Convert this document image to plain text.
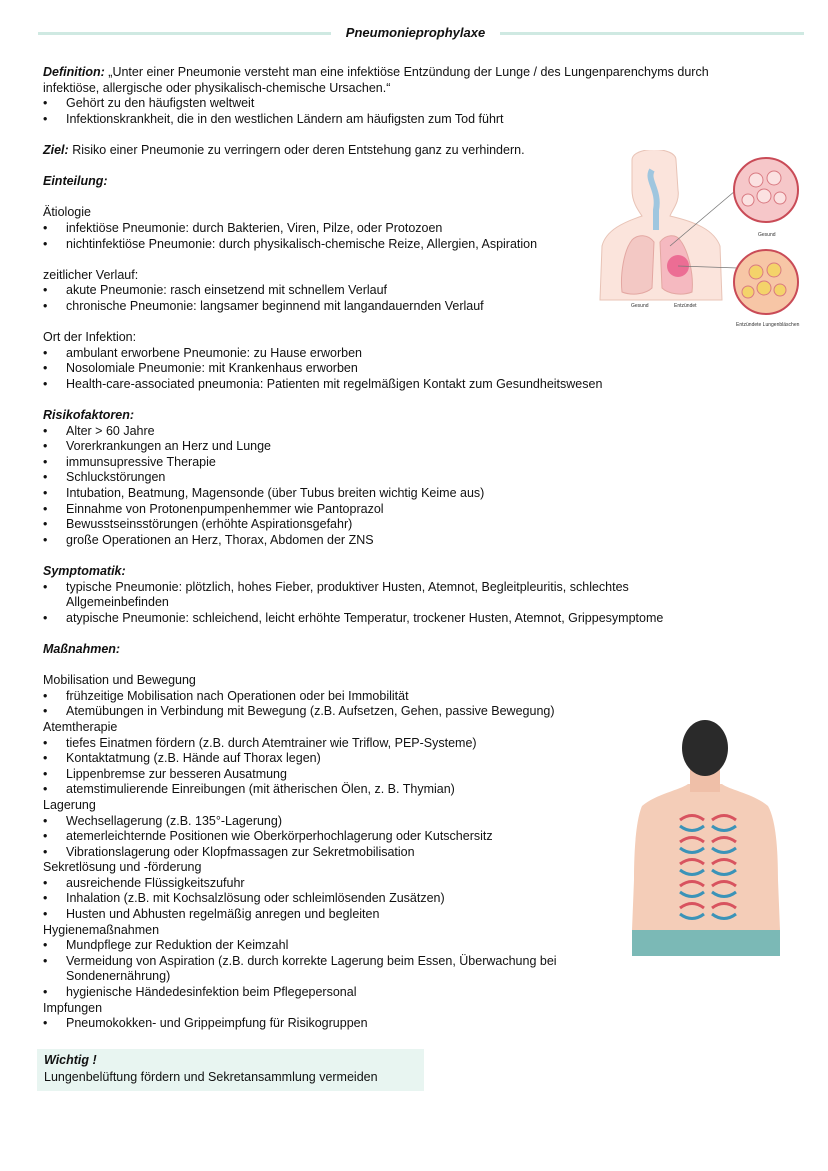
Pneumonieprophylaxe
Definition: „Unter einer Pneumonie versteht man eine infektiöse Entzündung der Lunge / des Lungenparenchyms durch
infektiöse, allergische oder physikalisch-chemische Ursachen.“
• Gehört zu den häufigsten weltweit
• Infektionskrankheit, die in den westlichen Ländern am häufigsten zum Tod führt
Ziel: Risiko einer Pneumonie zu verringern oder deren Entstehung ganz zu verhindern.
Einteilung:
Ätiologie
• infektiöse Pneumonie: durch Bakterien, Viren, Pilze, oder Protozoen
• nichtinfektiöse Pneumonie: durch physikalisch-chemische Reize, Allergien, Aspiration
zeitlicher Verlauf:
• akute Pneumonie: rasch einsetzend mit schnellem Verlauf
• chronische Pneumonie: langsamer beginnend mit langandauernden Verlauf
Ort der Infektion:
• ambulant erworbene Pneumonie: zu Hause erworben
• Nosolomiale Pneumonie: mit Krankenhaus erworben
• Health-care-associated pneumonia: Patienten mit regelmäßigen Kontakt zum Gesundheitswesen
Risikofaktoren:
• Alter > 60 Jahre
• Vorerkrankungen an Herz und Lunge
• immunsupressive Therapie
• Schluckstörungen
• Intubation, Beatmung, Magensonde (über Tubus breiten wichtig Keime aus)
• Einnahme von Protonenpumpenhemmer wie Pantoprazol
• Bewusstseinsstörungen (erhöhte Aspirationsgefahr)
• große Operationen an Herz, Thorax, Abdomen der ZNS
Symptomatik:
• typische Pneumonie: plötzlich, hohes Fieber, produktiver Husten, Atemnot, Begleitpleuritis, schlechtes
Allgemeinbefinden
• atypische Pneumonie: schleichend, leicht erhöhte Temperatur, trockener Husten, Atemnot, Grippesymptome
Maßnahmen:
Mobilisation und Bewegung
• frühzeitige Mobilisation nach Operationen oder bei Immobilität
• Atemübungen in Verbindung mit Bewegung (z.B. Aufsetzen, Gehen, passive Bewegung)
Atemtherapie
• tiefes Einatmen fördern (z.B. durch Atemtrainer wie Triflow, PEP-Systeme)
• Kontaktatmung (z.B. Hände auf Thorax legen)
• Lippenbremse zur besseren Ausatmung
• atemstimulierende Einreibungen (mit ätherischen Ölen, z. B. Thymian)
Lagerung
• Wechsellagerung (z.B. 135°-Lagerung)
• atemerleichternde Positionen wie Oberkörperhochlagerung oder Kutschersitz
• Vibrationslagerung oder Klopfmassagen zur Sekretmobilisation
Sekretlösung und -förderung
• ausreichende Flüssigkeitszufuhr
• Inhalation (z.B. mit Kochsalzlösung oder schleimlösenden Zusätzen)
• Husten und Abhusten regelmäßig anregen und begleiten
Hygienemaßnahmen
• Mundpflege zur Reduktion der Keimzahl
• Vermeidung von Aspiration (z.B. durch korrekte Lagerung beim Essen, Überwachung bei
Sondenernährung)
• hygienische Händedesinfektion beim Pflegepersonal
Impfungen
• Pneumokokken- und Grippeimpfung für Risikogruppen
Gesund	Entzündet
Gesund
Entzündete Lungenbläschen
Wichtig !
Lungenbelüftung fördern und Sekretansammlung vermeiden
